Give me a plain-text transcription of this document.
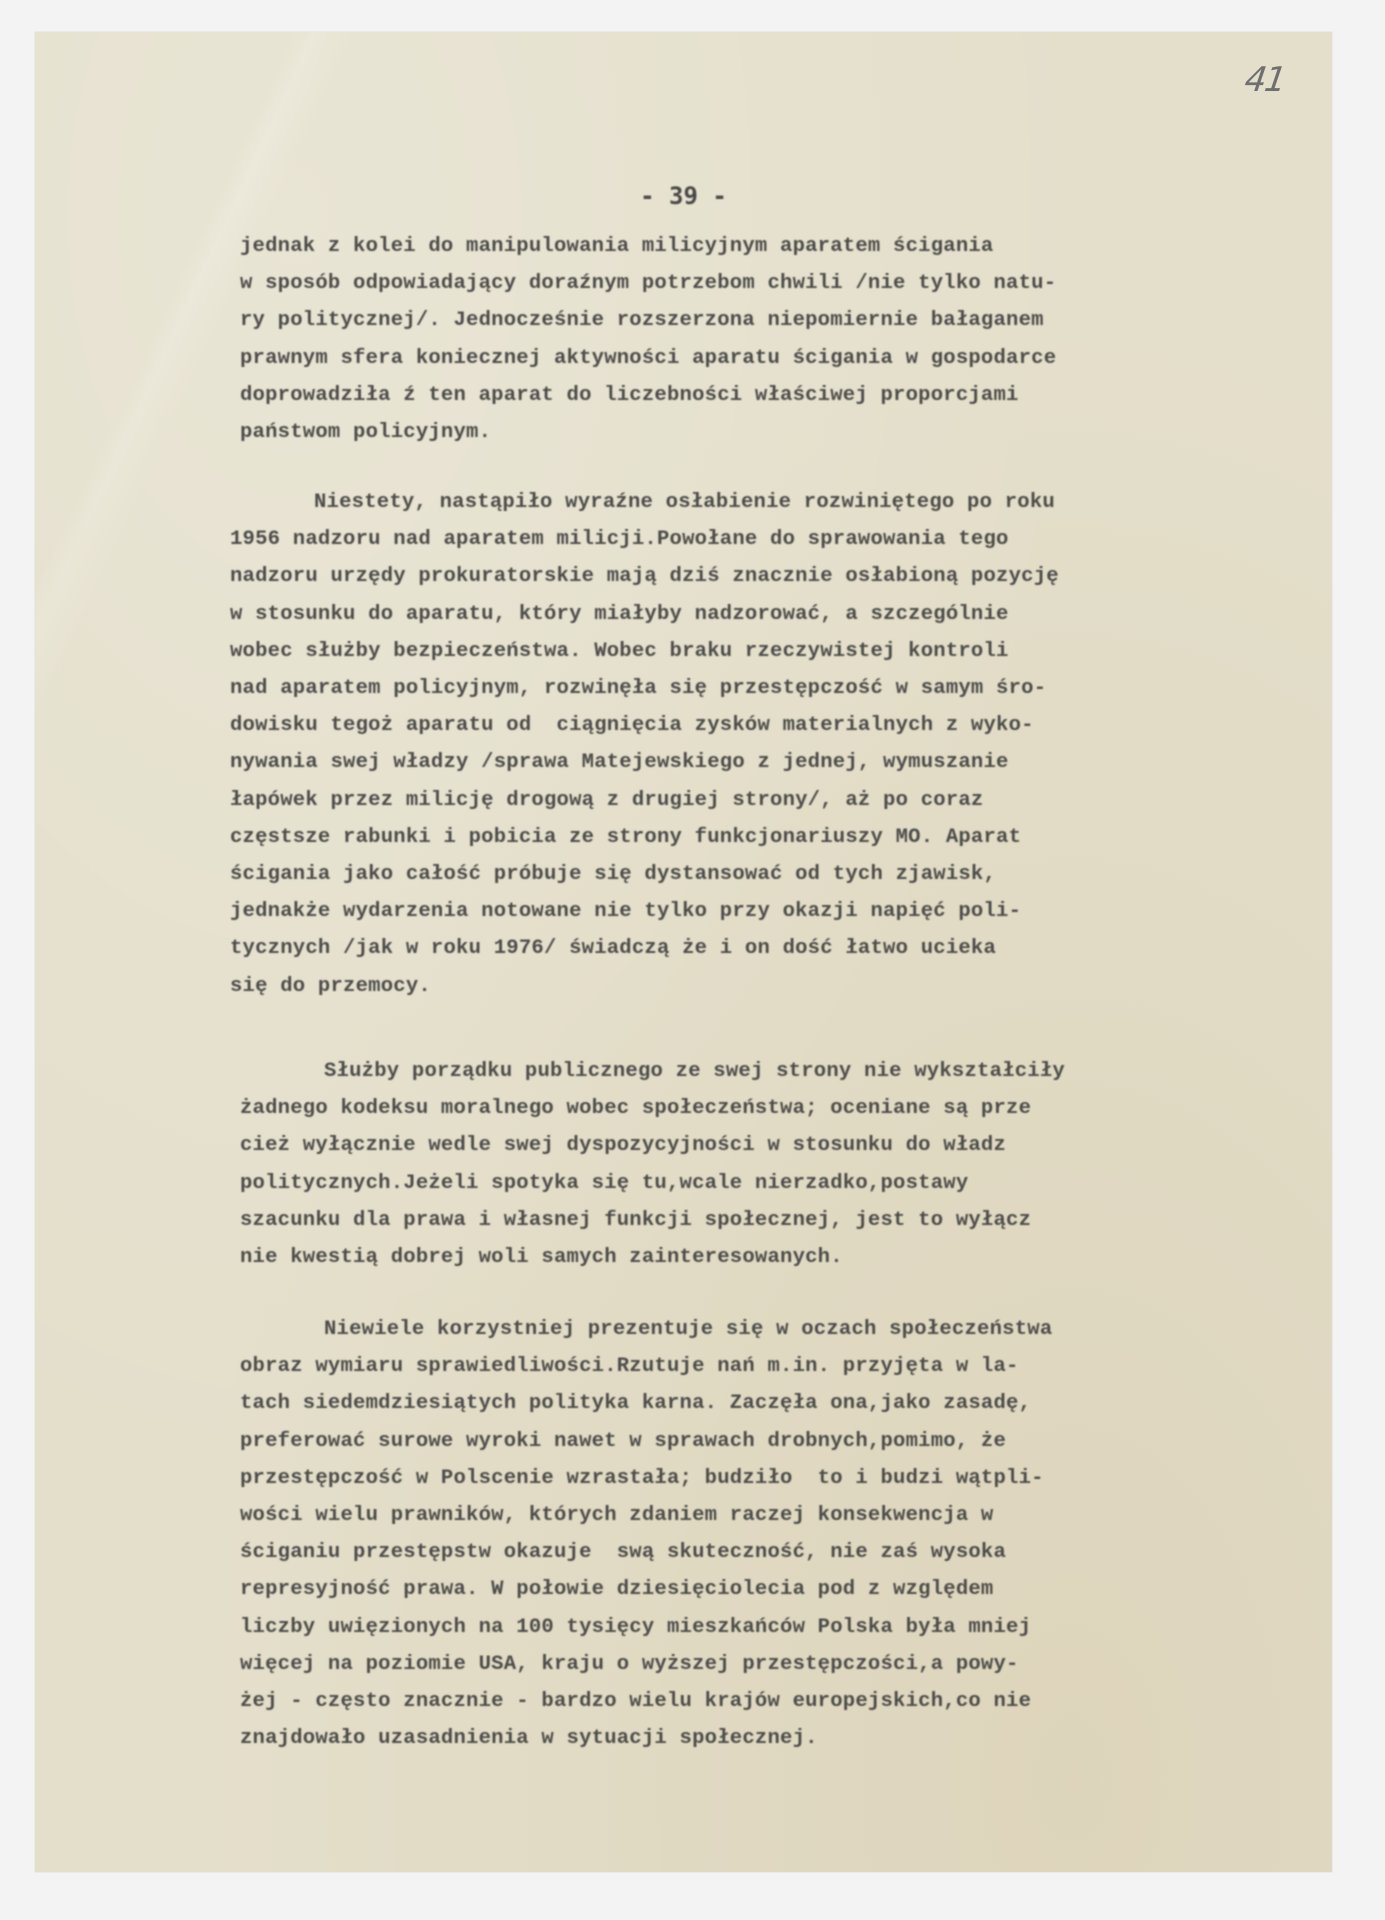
41
- 39 -
jednak z kolei do manipulowania milicyjnym aparatem ścigania
w sposób odpowiadający doraźnym potrzebom chwili /nie tylko natu-
ry politycznej/. Jednocześnie rozszerzona niepomiernie bałaganem
prawnym sfera koniecznej aktywności aparatu ścigania w gospodarce
doprowadziła ź ten aparat do liczebności właściwej proporcjami
państwom policyjnym.
Niestety, nastąpiło wyraźne osłabienie rozwiniętego po roku
1956 nadzoru nad aparatem milicji.Powołane do sprawowania tego
nadzoru urzędy prokuratorskie mają dziś znacznie osłabioną pozycję
w stosunku do aparatu, który miałyby nadzorować, a szczególnie
wobec służby bezpieczeństwa. Wobec braku rzeczywistej kontroli
nad aparatem policyjnym, rozwinęła się przestępczość w samym śro-
dowisku tegoż aparatu od  ciągnięcia zysków materialnych z wyko-
nywania swej władzy /sprawa Matejewskiego z jednej, wymuszanie
łapówek przez milicję drogową z drugiej strony/, aż po coraz
częstsze rabunki i pobicia ze strony funkcjonariuszy MO. Aparat
ścigania jako całość próbuje się dystansować od tych zjawisk,
jednakże wydarzenia notowane nie tylko przy okazji napięć poli-
tycznych /jak w roku 1976/ świadczą że i on dość łatwo ucieka
się do przemocy.
Służby porządku publicznego ze swej strony nie wykształciły
żadnego kodeksu moralnego wobec społeczeństwa; oceniane są prze
cież wyłącznie wedle swej dyspozycyjności w stosunku do władz
politycznych.Jeżeli spotyka się tu,wcale nierzadko,postawy
szacunku dla prawa i własnej funkcji społecznej, jest to wyłącz
nie kwestią dobrej woli samych zainteresowanych.
Niewiele korzystniej prezentuje się w oczach społeczeństwa
obraz wymiaru sprawiedliwości.Rzutuje nań m.in. przyjęta w la-
tach siedemdziesiątych polityka karna. Zaczęła ona,jako zasadę,
preferować surowe wyroki nawet w sprawach drobnych,pomimo, że
przestępczość w Polscenie wzrastała; budziło  to i budzi wątpli-
wości wielu prawników, których zdaniem raczej konsekwencja w
ściganiu przestępstw okazuje  swą skuteczność, nie zaś wysoka
represyjność prawa. W połowie dziesięciolecia pod z względem
liczby uwięzionych na 100 tysięcy mieszkańców Polska była mniej
więcej na poziomie USA, kraju o wyższej przestępczości,a powy-
żej - często znacznie - bardzo wielu krajów europejskich,co nie
znajdowało uzasadnienia w sytuacji społecznej.
